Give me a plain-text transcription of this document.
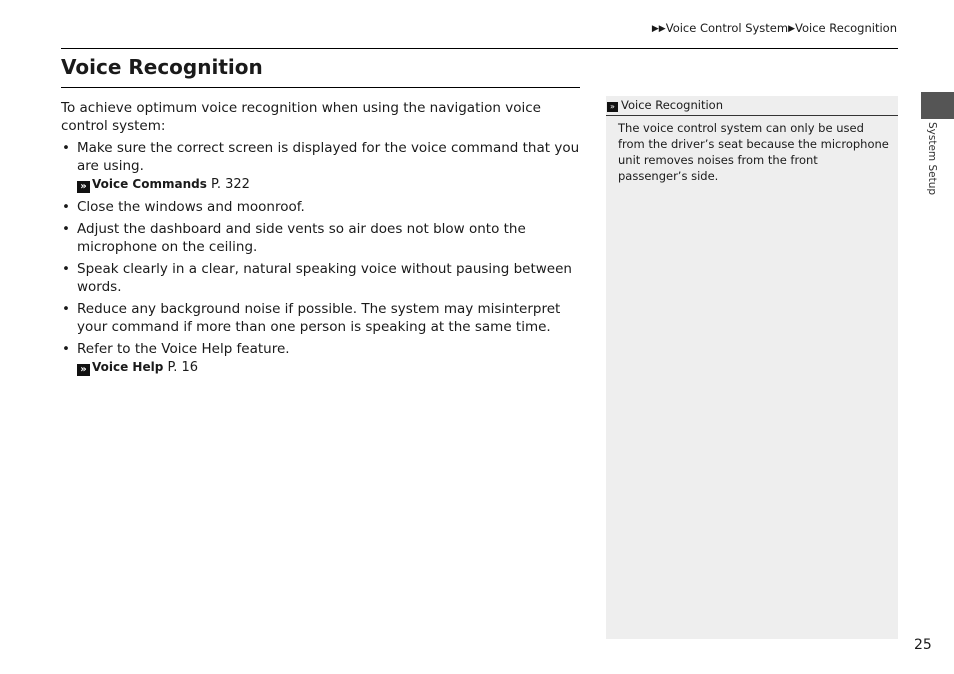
▶▶Voice Control System▶Voice Recognition
Voice Recognition

To achieve optimum voice recognition when using the navigation voice control system:

• Make sure the correct screen is displayed for the voice command that you are using.
» Voice Commands P. 322
• Close the windows and moonroof.
• Adjust the dashboard and side vents so air does not blow onto the microphone on the ceiling.
• Speak clearly in a clear, natural speaking voice without pausing between words.
• Reduce any background noise if possible. The system may misinterpret your command if more than one person is speaking at the same time.
• Refer to the Voice Help feature.
» Voice Help P. 16
» Voice Recognition
The voice control system can only be used from the driver’s seat because the microphone unit removes noises from the front passenger’s side.	System Setup
25
